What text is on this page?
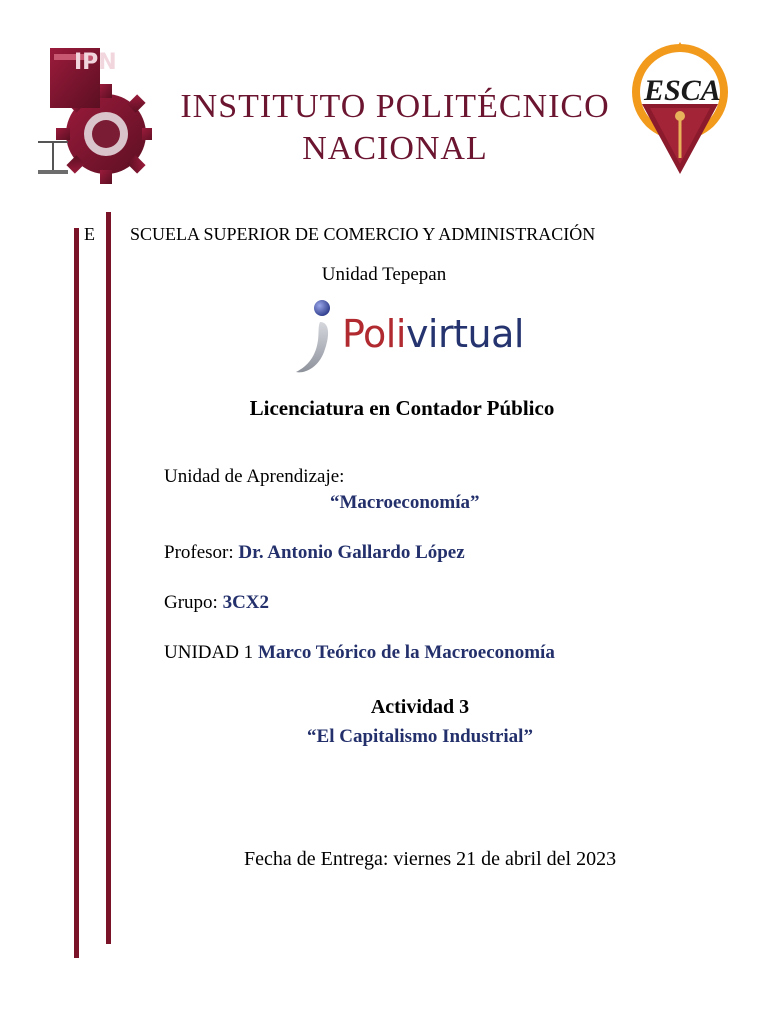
IPN
INSTITUTO POLITÉCNICO
NACIONAL
ESCA
E SCUELA SUPERIOR DE COMERCIO Y ADMINISTRACIÓN
Unidad Tepepan
Polivirtual
Licenciatura en Contador Público
Unidad de Aprendizaje:
“Macroeconomía”
Profesor: Dr. Antonio Gallardo López
Grupo: 3CX2
UNIDAD 1 Marco Teórico de la Macroeconomía
Actividad 3
“El Capitalismo Industrial”
Fecha de Entrega: viernes 21 de abril del 2023
